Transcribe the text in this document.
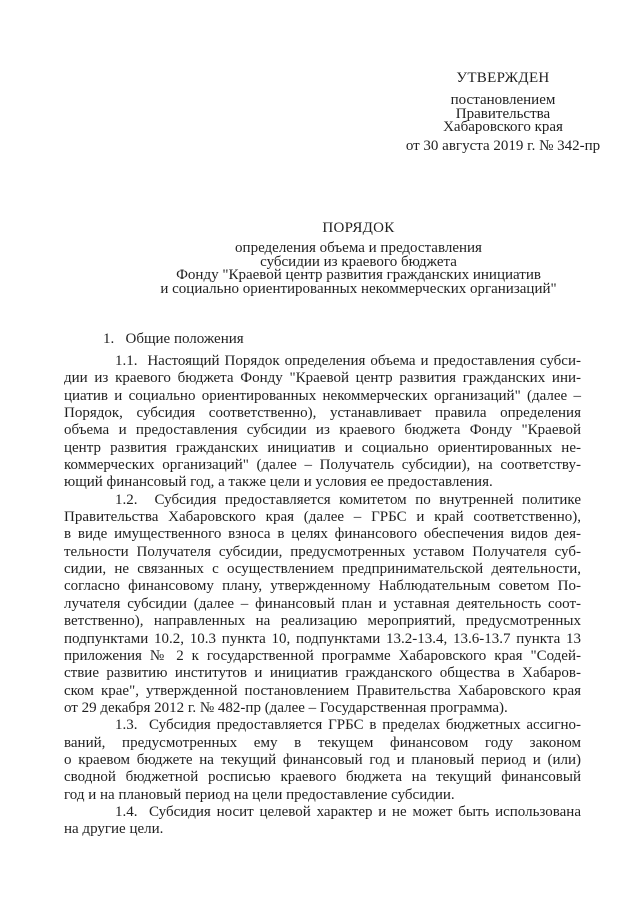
УТВЕРЖДЕН
постановлением
Правительства
Хабаровского края
от 30 августа 2019 г. № 342-пр
ПОРЯДОК
определения объема и предоставления
субсидии из краевого бюджета
Фонду "Краевой центр развития гражданских инициатив
и социально ориентированных некоммерческих организаций"
1.   Общие положения
1.1.  Настоящий Порядок определения объема и предоставления субси-
дии из краевого бюджета Фонду "Краевой центр развития гражданских ини-
циатив и социально ориентированных некоммерческих организаций" (далее –
Порядок, субсидия соответственно), устанавливает правила определения
объема и предоставления субсидии из краевого бюджета Фонду "Краевой
центр развития гражданских инициатив и социально ориентированных не-
коммерческих организаций" (далее – Получатель субсидии), на соответству-
ющий финансовый год, а также цели и условия ее предоставления.
1.2.  Субсидия предоставляется комитетом по внутренней политике
Правительства Хабаровского края (далее – ГРБС и край соответственно),
в виде имущественного взноса в целях финансового обеспечения видов дея-
тельности Получателя субсидии, предусмотренных уставом Получателя суб-
сидии, не связанных с осуществлением предпринимательской деятельности,
согласно финансовому плану, утвержденному Наблюдательным советом По-
лучателя субсидии (далее – финансовый план и уставная деятельность соот-
ветственно), направленных на реализацию мероприятий, предусмотренных
подпунктами 10.2, 10.3 пункта 10, подпунктами 13.2-13.4, 13.6-13.7 пункта 13
приложения № 2 к государственной программе Хабаровского края "Содей-
ствие развитию институтов и инициатив гражданского общества в Хабаров-
ском крае", утвержденной постановлением Правительства Хабаровского края
от 29 декабря 2012 г. № 482-пр (далее – Государственная программа).
1.3.  Субсидия предоставляется ГРБС в пределах бюджетных ассигно-
ваний, предусмотренных ему в текущем финансовом году законом
о краевом бюджете на текущий финансовый год и плановый период и (или)
сводной бюджетной росписью краевого бюджета на текущий финансовый
год и на плановый период на цели предоставление субсидии.
1.4.  Субсидия носит целевой характер и не может быть использована
на другие цели.
